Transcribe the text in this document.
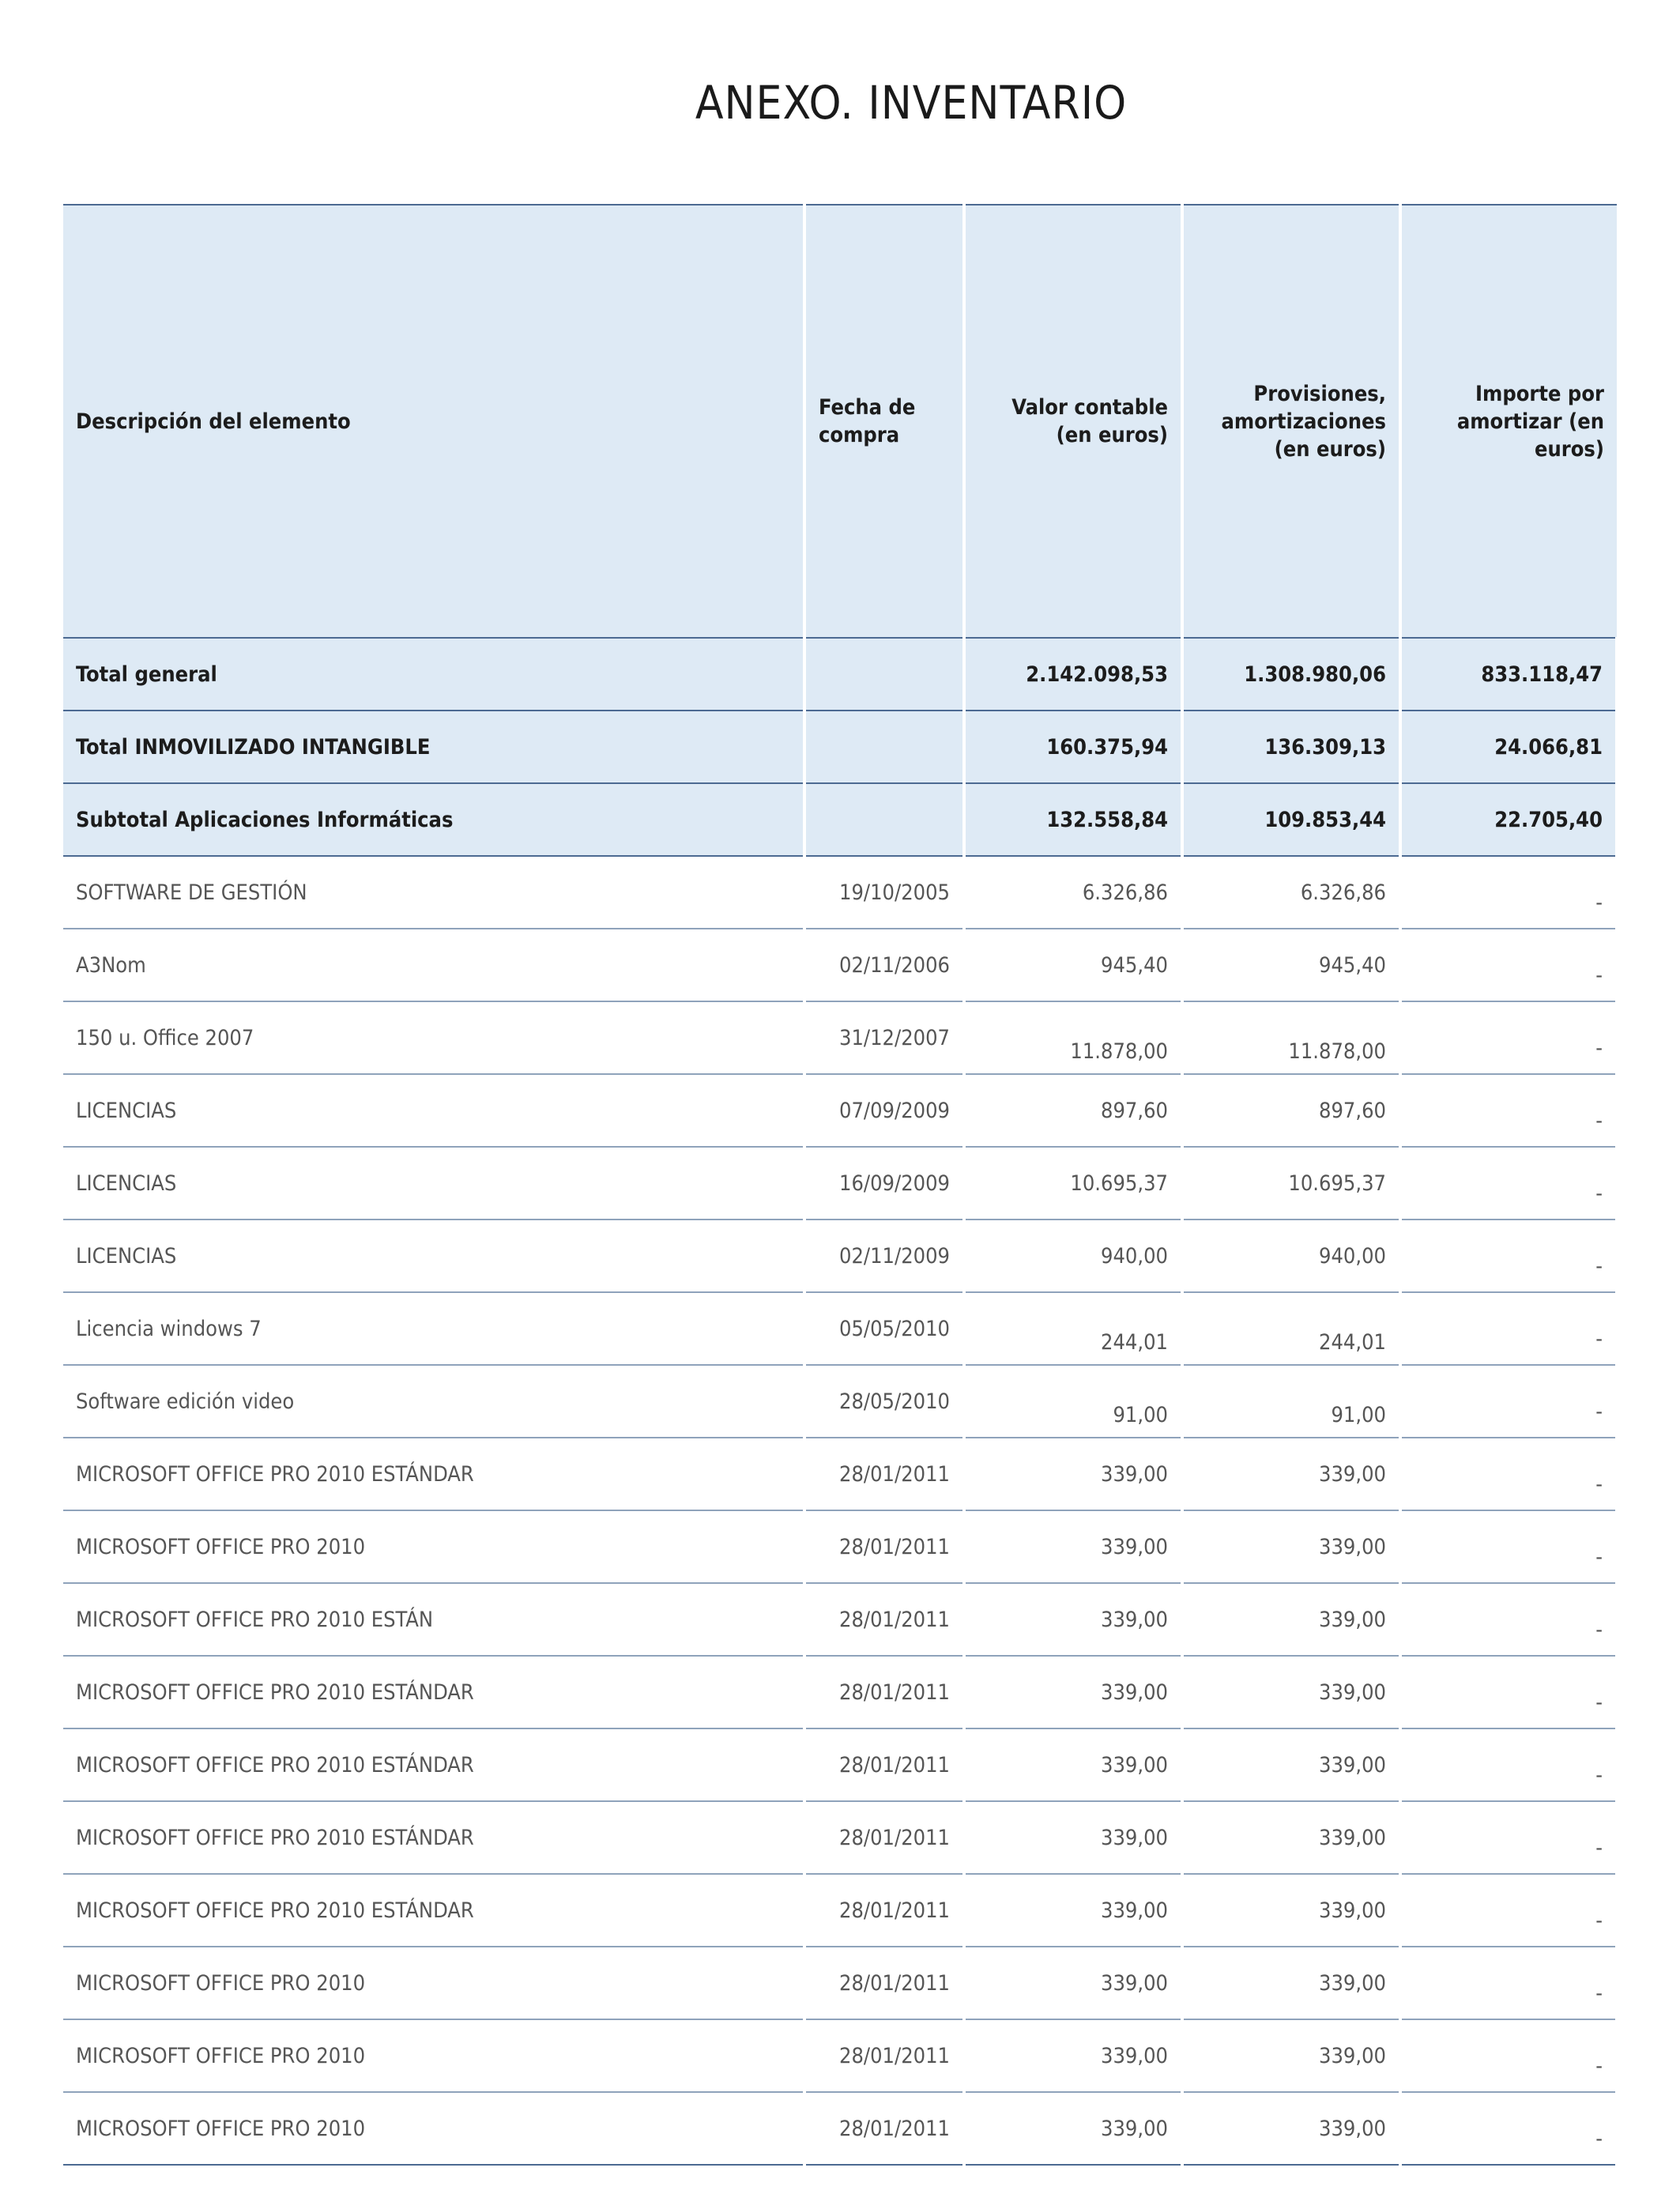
ANEXO. INVENTARIO
Descripción del elemento	Fecha de compra	Valor contable (en euros)	Provisiones, amortizaciones (en euros)	Importe por amortizar (en euros)
Total general		2.142.098,53	1.308.980,06	833.118,47
Total INMOVILIZADO INTANGIBLE		160.375,94	136.309,13	24.066,81
Subtotal Aplicaciones Informáticas		132.558,84	109.853,44	22.705,40
SOFTWARE DE GESTIÓN	19/10/2005	6.326,86	6.326,86	-
A3Nom	02/11/2006	945,40	945,40	-
150 u. Office 2007	31/12/2007	11.878,00	11.878,00	-
LICENCIAS	07/09/2009	897,60	897,60	-
LICENCIAS	16/09/2009	10.695,37	10.695,37	-
LICENCIAS	02/11/2009	940,00	940,00	-
Licencia windows 7	05/05/2010	244,01	244,01	-
Software edición video	28/05/2010	91,00	91,00	-
MICROSOFT OFFICE PRO 2010 ESTÁNDAR	28/01/2011	339,00	339,00	-
MICROSOFT OFFICE PRO 2010	28/01/2011	339,00	339,00	-
MICROSOFT OFFICE PRO 2010 ESTÁN	28/01/2011	339,00	339,00	-
MICROSOFT OFFICE PRO 2010 ESTÁNDAR	28/01/2011	339,00	339,00	-
MICROSOFT OFFICE PRO 2010 ESTÁNDAR	28/01/2011	339,00	339,00	-
MICROSOFT OFFICE PRO 2010 ESTÁNDAR	28/01/2011	339,00	339,00	-
MICROSOFT OFFICE PRO 2010 ESTÁNDAR	28/01/2011	339,00	339,00	-
MICROSOFT OFFICE PRO 2010	28/01/2011	339,00	339,00	-
MICROSOFT OFFICE PRO 2010	28/01/2011	339,00	339,00	-
MICROSOFT OFFICE PRO 2010	28/01/2011	339,00	339,00	-
